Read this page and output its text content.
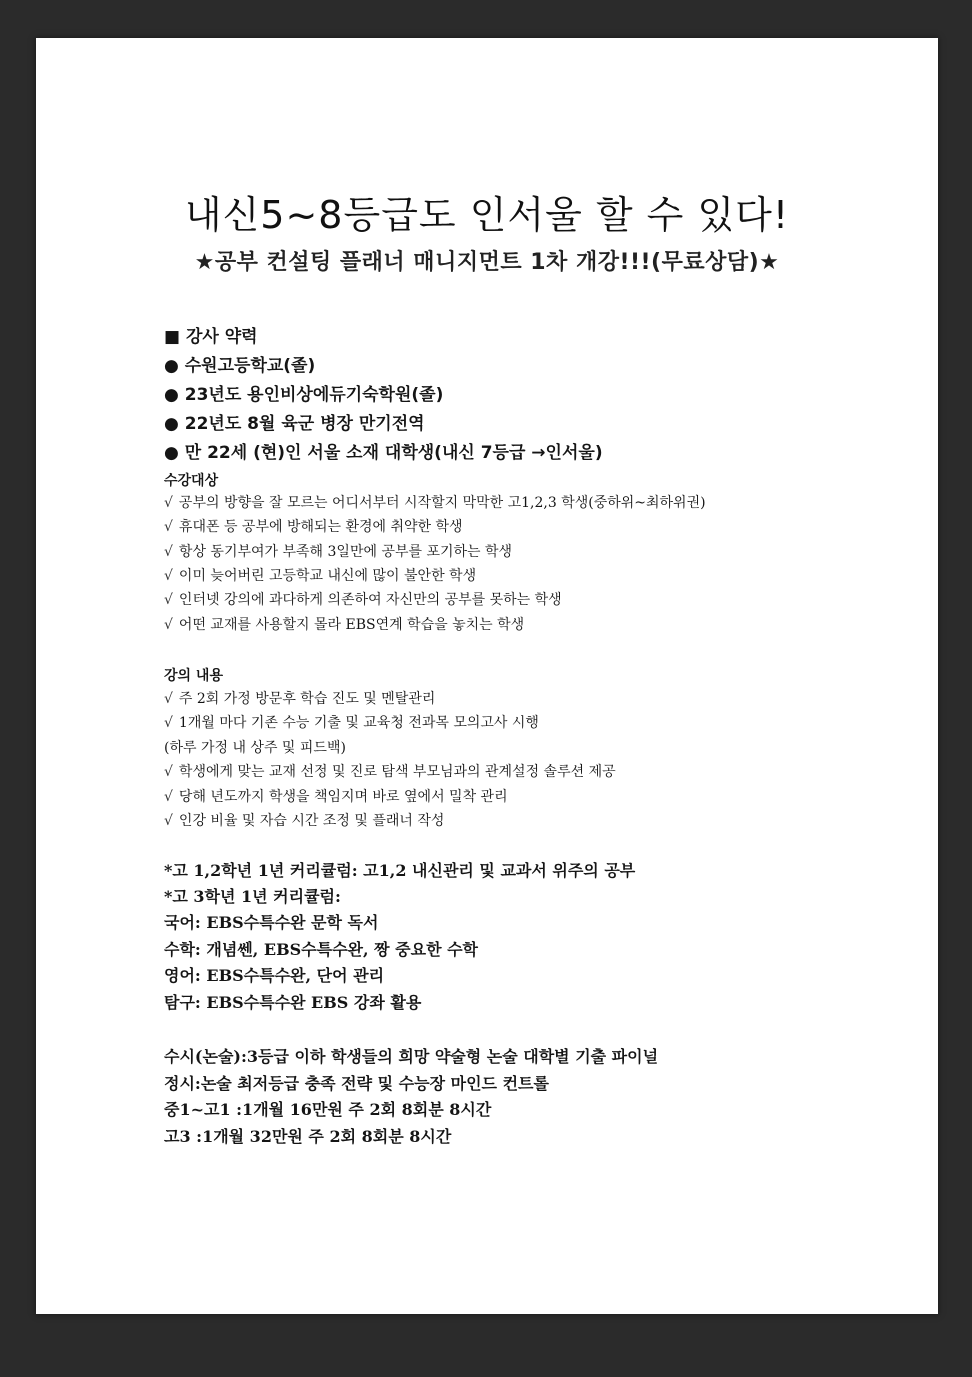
내신5~8등급도 인서울 할 수 있다!
★공부 컨설팅 플래너 매니지먼트 1차 개강!!!(무료상담)★
■ 강사 약력
● 수원고등학교(졸)
● 23년도 용인비상에듀기숙학원(졸)
● 22년도 8월 육군 병장 만기전역
● 만 22세 (현)인 서울 소재 대학생(내신 7등급 →인서울)
수강대상
√ 공부의 방향을 잘 모르는 어디서부터 시작할지 막막한 고1,2,3 학생(중하위~최하위권)
√ 휴대폰 등 공부에 방해되는 환경에 취약한 학생
√ 항상 동기부여가 부족해 3일만에 공부를 포기하는 학생
√ 이미 늦어버린 고등학교 내신에 많이 불안한 학생
√ 인터넷 강의에 과다하게 의존하여 자신만의 공부를 못하는 학생
√ 어떤 교재를 사용할지 몰라 EBS연계 학습을 놓치는 학생
강의 내용
√ 주 2회 가정 방문후 학습 진도 및 멘탈관리
√ 1개월 마다 기존 수능 기출 및 교육청 전과목 모의고사 시행
(하루 가정 내 상주 및 피드백)
√ 학생에게 맞는 교재 선정 및 진로 탐색 부모님과의 관계설정 솔루션 제공
√ 당해 년도까지 학생을 책임지며 바로 옆에서 밀착 관리
√ 인강 비율 및 자습 시간 조정 및 플래너 작성
*고 1,2학년 1년 커리큘럼: 고1,2 내신관리 및 교과서 위주의 공부
*고 3학년 1년 커리큘럼:
국어: EBS수특수완 문학 독서
수학: 개념쎈, EBS수특수완, 짱 중요한 수학
영어: EBS수특수완, 단어 관리
탐구: EBS수특수완 EBS 강좌 활용
수시(논술):3등급 이하 학생들의 희망 약술형 논술 대학별 기출 파이널
정시:논술 최저등급 충족 전략 및 수능장 마인드 컨트롤
중1~고1 :1개월 16만원 주 2회 8회분 8시간
고3 :1개월 32만원 주 2회 8회분 8시간
